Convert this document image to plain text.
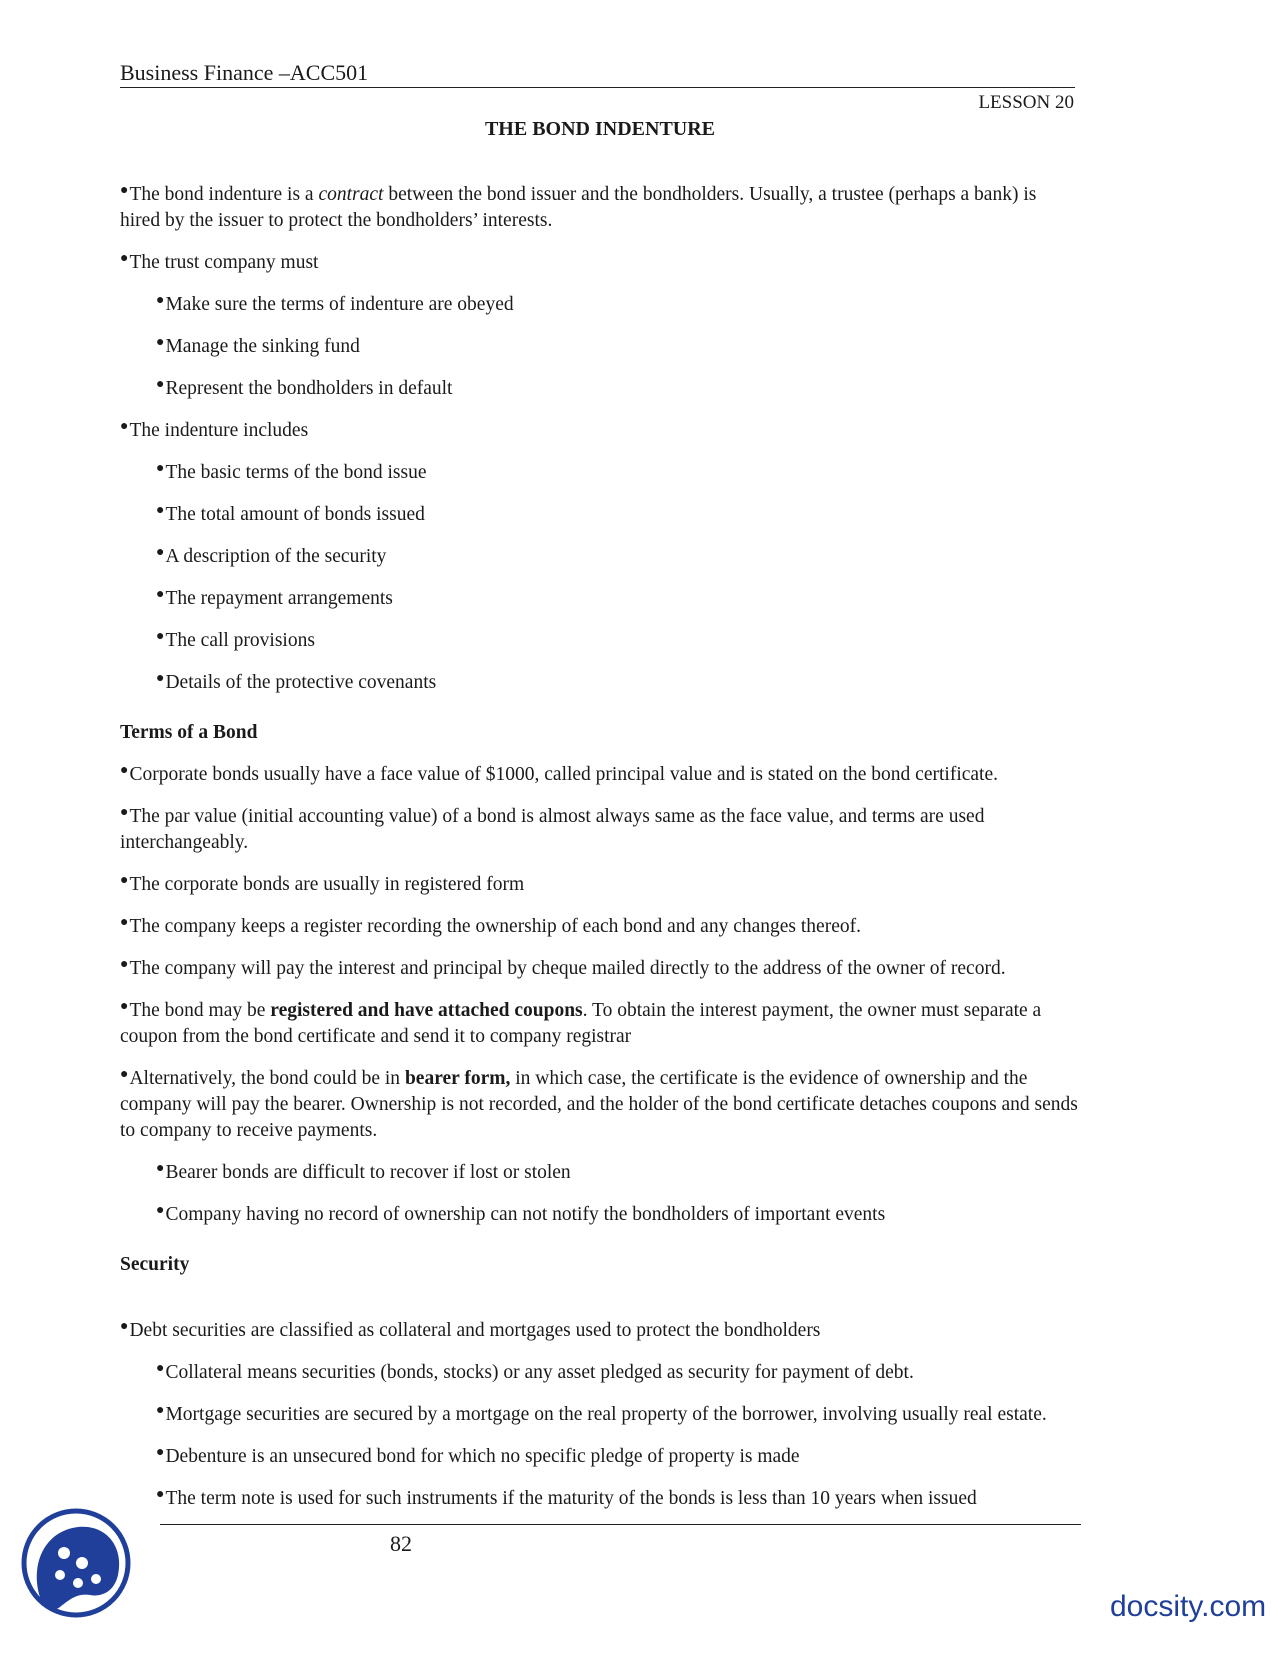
Business Finance –ACC501
LESSON 20
THE BOND INDENTURE

●The bond indenture is a contract between the bond issuer and the bondholders. Usually, a trustee (perhaps a bank) is hired by the issuer to protect the bondholders’ interests.

●The trust company must

●Make sure the terms of indenture are obeyed

●Manage the sinking fund

●Represent the bondholders in default

●The indenture includes

●The basic terms of the bond issue

●The total amount of bonds issued

●A description of the security

●The repayment arrangements

●The call provisions

●Details of the protective covenants

Terms of a Bond

●Corporate bonds usually have a face value of $1000, called principal value and is stated on the bond certificate.

●The par value (initial accounting value) of a bond is almost always same as the face value, and terms are used interchangeably.

●The corporate bonds are usually in registered form

●The company keeps a register recording the ownership of each bond and any changes thereof.

●The company will pay the interest and principal by cheque mailed directly to the address of the owner of record.

●The bond may be registered and have attached coupons. To obtain the interest payment, the owner must separate a coupon from the bond certificate and send it to company registrar

●Alternatively, the bond could be in bearer form, in which case, the certificate is the evidence of ownership and the company will pay the bearer. Ownership is not recorded, and the holder of the bond certificate detaches coupons and sends to company to receive payments.

●Bearer bonds are difficult to recover if lost or stolen

●Company having no record of ownership can not notify the bondholders of important events

Security

●Debt securities are classified as collateral and mortgages used to protect the bondholders

●Collateral means securities (bonds, stocks) or any asset pledged as security for payment of debt.

●Mortgage securities are secured by a mortgage on the real property of the borrower, involving usually real estate.

●Debenture is an unsecured bond for which no specific pledge of property is made

●The term note is used for such instruments if the maturity of the bonds is less than 10 years when issued

82
docsity.com
